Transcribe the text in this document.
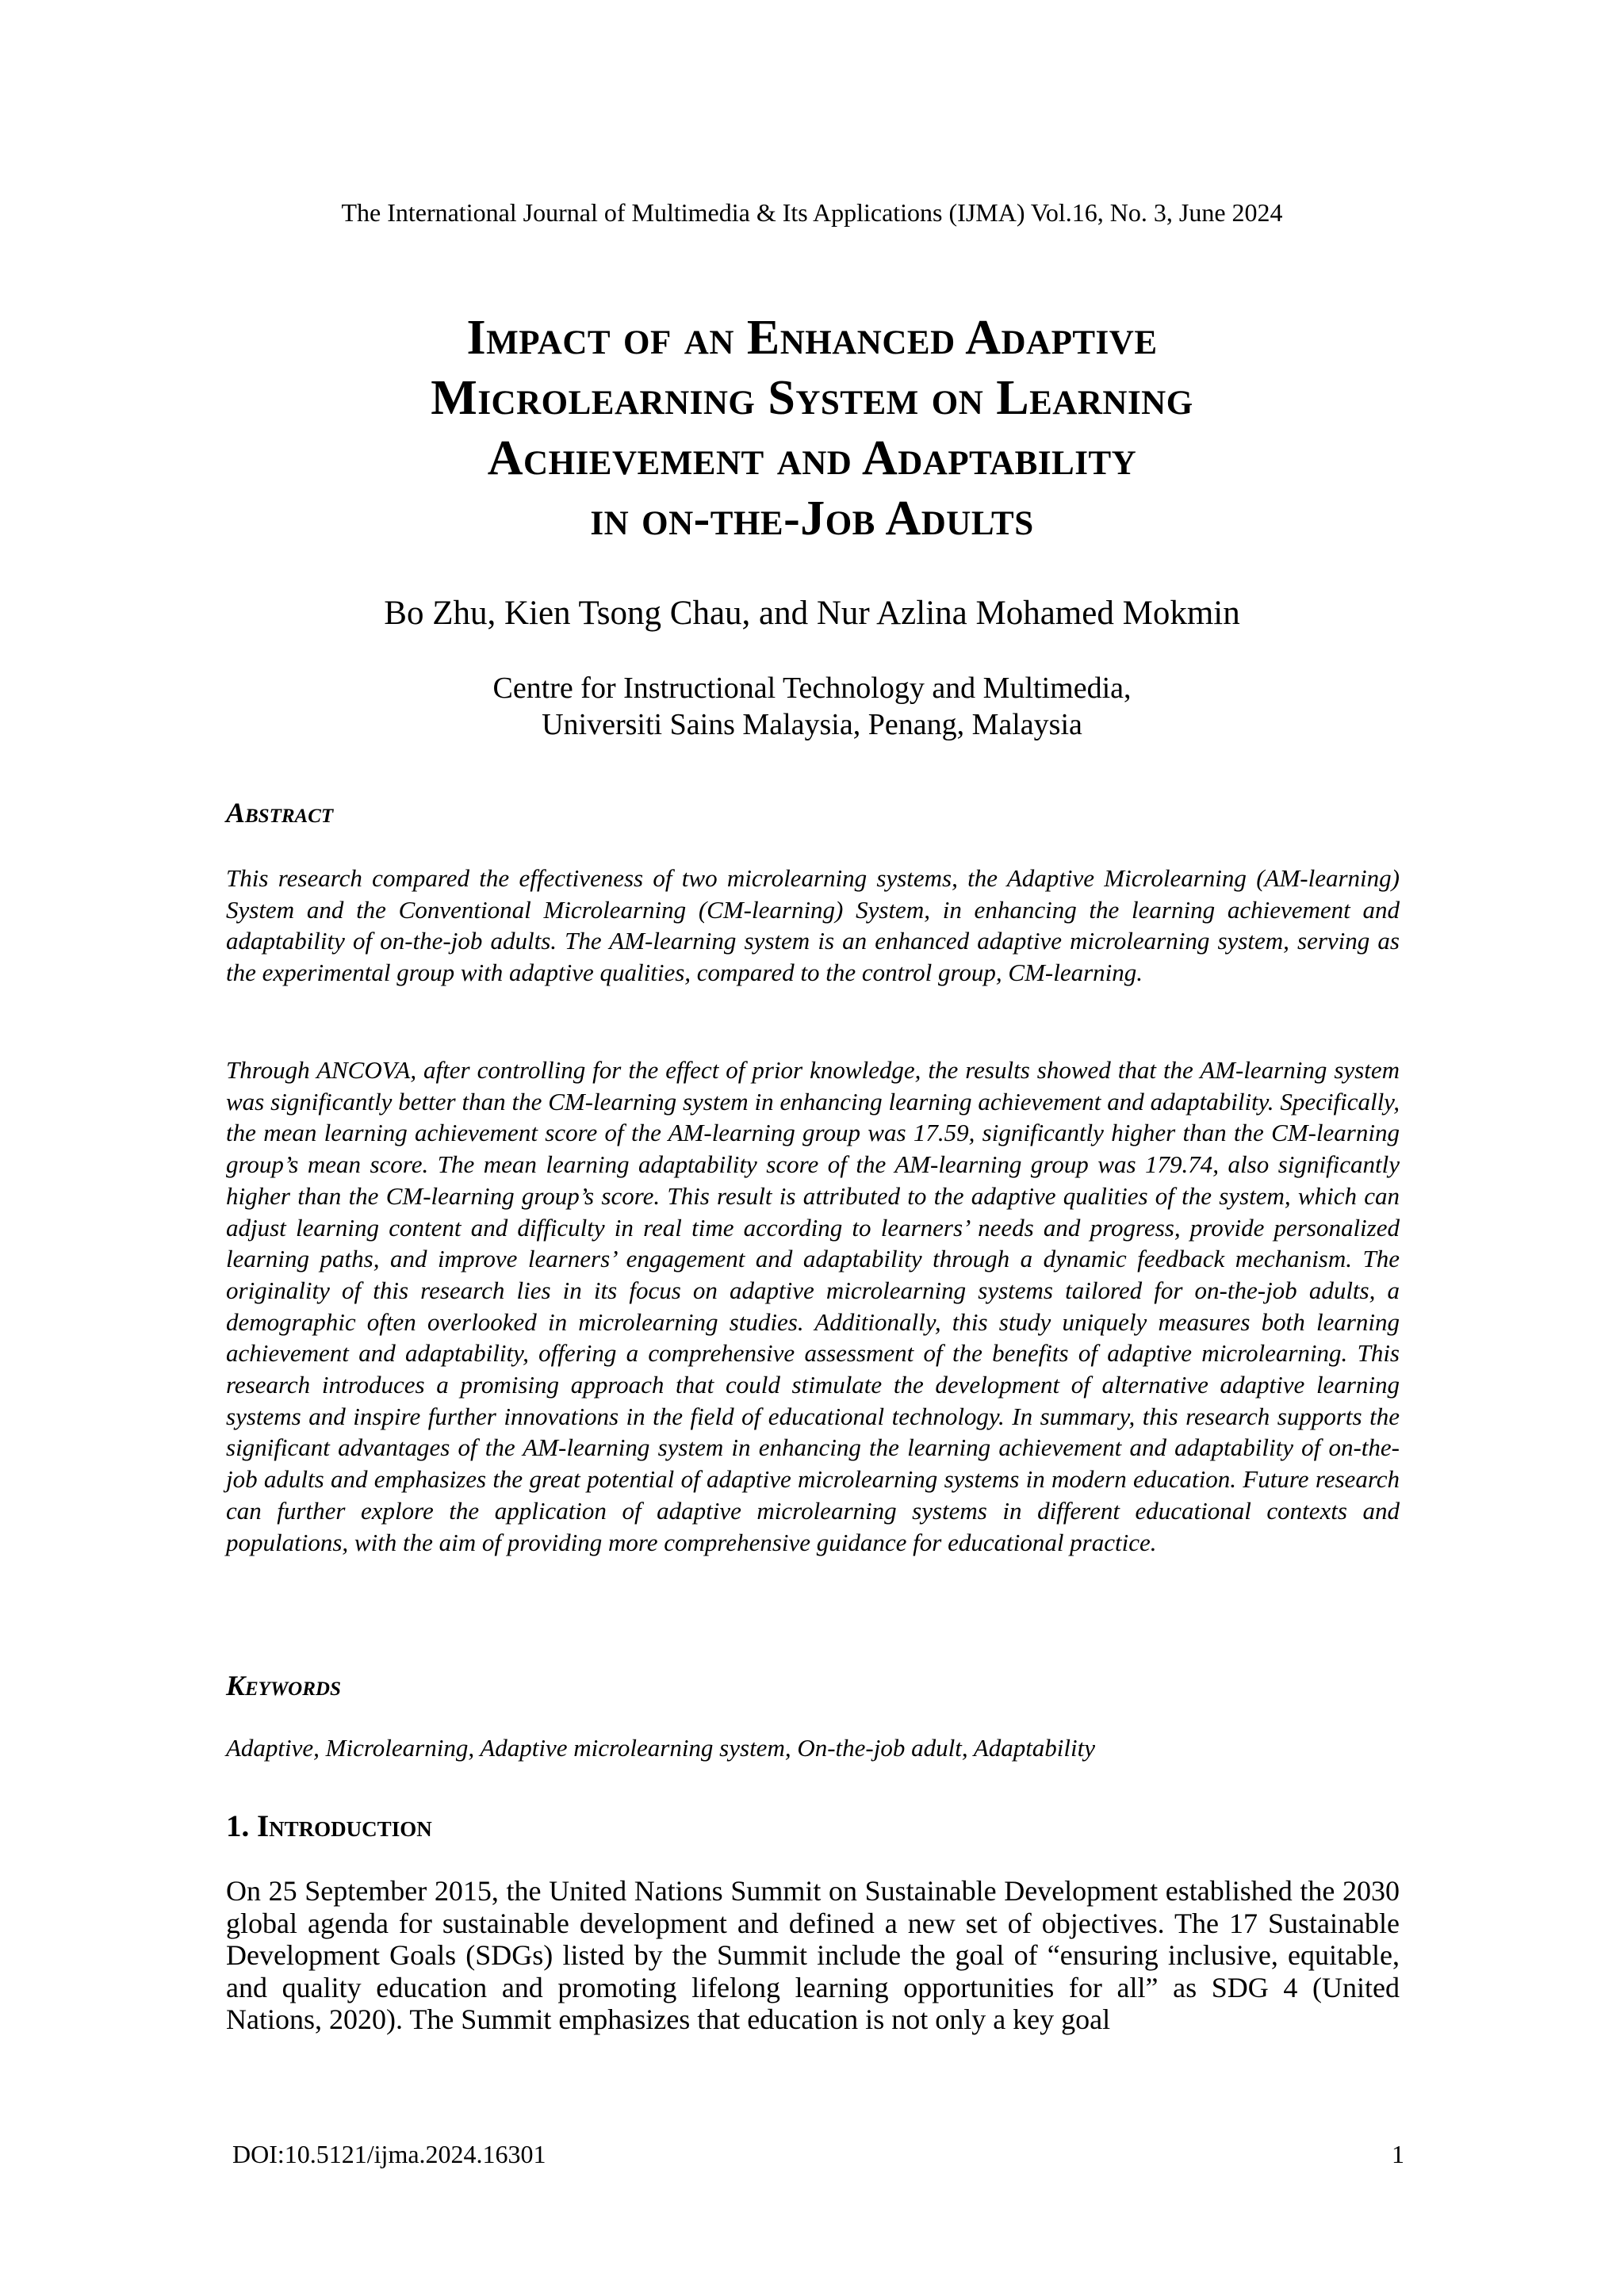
The International Journal of Multimedia & Its Applications (IJMA) Vol.16, No. 3, June 2024
Impact of an Enhanced Adaptive
Microlearning System on Learning
Achievement and Adaptability
in on-the-Job Adults
Bo Zhu, Kien Tsong Chau, and Nur Azlina Mohamed Mokmin
Centre for Instructional Technology and Multimedia,
Universiti Sains Malaysia, Penang, Malaysia
Abstract

This research compared the effectiveness of two microlearning systems, the Adaptive Microlearning (AM-learning) System and the Conventional Microlearning (CM-learning) System, in enhancing the learning achievement and adaptability of on-the-job adults. The AM-learning system is an enhanced adaptive microlearning system, serving as the experimental group with adaptive qualities, compared to the control group, CM-learning.

Through ANCOVA, after controlling for the effect of prior knowledge, the results showed that the AM-learning system was significantly better than the CM-learning system in enhancing learning achievement and adaptability. Specifically, the mean learning achievement score of the AM-learning group was 17.59, significantly higher than the CM-learning group’s mean score. The mean learning adaptability score of the AM-learning group was 179.74, also significantly higher than the CM-learning group’s score. This result is attributed to the adaptive qualities of the system, which can adjust learning content and difficulty in real time according to learners’ needs and progress, provide personalized learning paths, and improve learners’ engagement and adaptability through a dynamic feedback mechanism. The originality of this research lies in its focus on adaptive microlearning systems tailored for on-the-job adults, a demographic often overlooked in microlearning studies. Additionally, this study uniquely measures both learning achievement and adaptability, offering a comprehensive assessment of the benefits of adaptive microlearning. This research introduces a promising approach that could stimulate the development of alternative adaptive learning systems and inspire further innovations in the field of educational technology. In summary, this research supports the significant advantages of the AM-learning system in enhancing the learning achievement and adaptability of on-the-job adults and emphasizes the great potential of adaptive microlearning systems in modern education. Future research can further explore the application of adaptive microlearning systems in different educational contexts and populations, with the aim of providing more comprehensive guidance for educational practice.

Keywords

Adaptive, Microlearning, Adaptive microlearning system, On-the-job adult, Adaptability

1. Introduction

On 25 September 2015, the United Nations Summit on Sustainable Development established the 2030 global agenda for sustainable development and defined a new set of objectives. The 17 Sustainable Development Goals (SDGs) listed by the Summit include the goal of “ensuring inclusive, equitable, and quality education and promoting lifelong learning opportunities for all” as SDG 4 (United Nations, 2020). The Summit emphasizes that education is not only a key goal

DOI:10.5121/ijma.2024.16301	1
